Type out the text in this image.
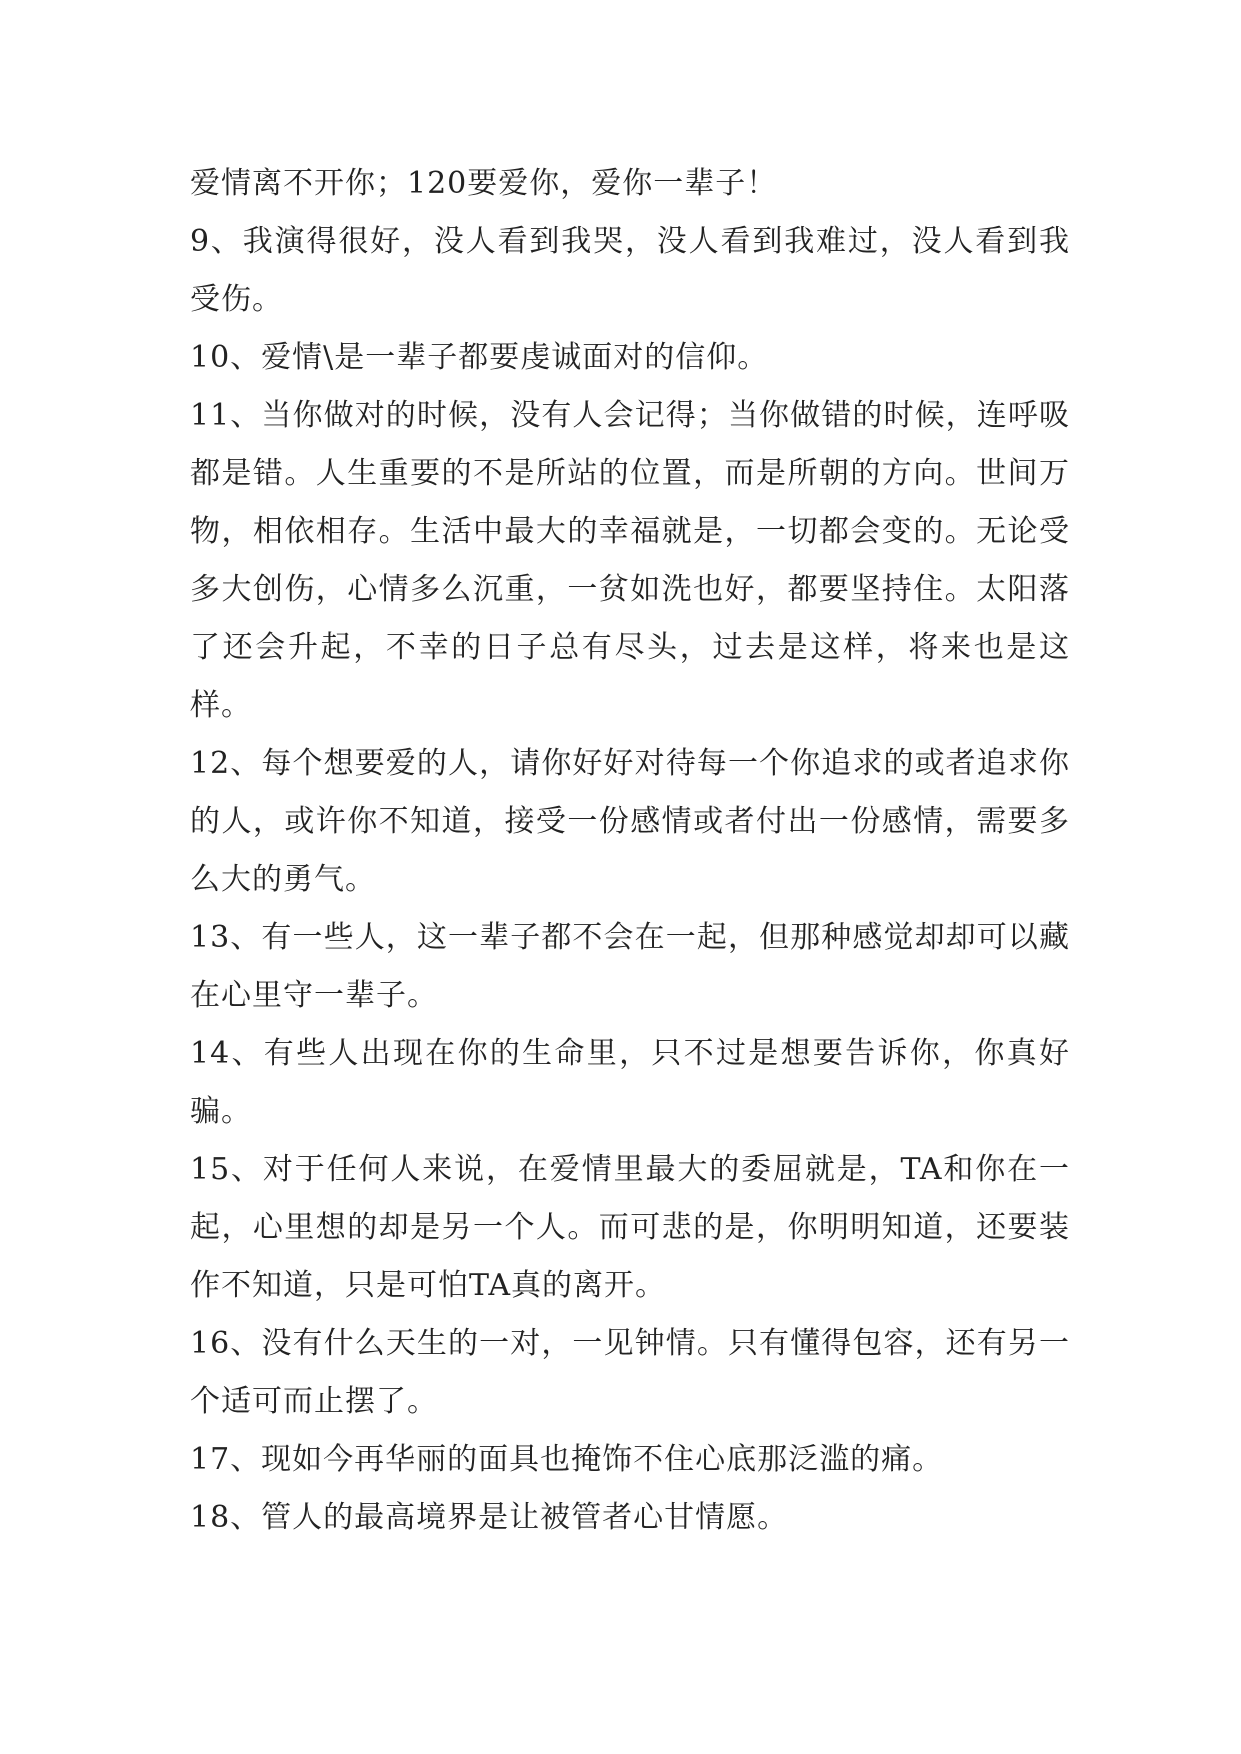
爱情离不开你；120要爱你，爱你一辈子！

9、我演得很好，没人看到我哭，没人看到我难过，没人看到我受伤。

10、爱情\是一辈子都要虔诚面对的信仰。

11、当你做对的时候，没有人会记得；当你做错的时候，连呼吸都是错。人生重要的不是所站的位置，而是所朝的方向。世间万物，相依相存。生活中最大的幸福就是，一切都会变的。无论受多大创伤，心情多么沉重，一贫如洗也好，都要坚持住。太阳落了还会升起，不幸的日子总有尽头，过去是这样，将来也是这样。

12、每个想要爱的人，请你好好对待每一个你追求的或者追求你的人，或许你不知道，接受一份感情或者付出一份感情，需要多么大的勇气。

13、有一些人，这一辈子都不会在一起，但那种感觉却却可以藏在心里守一辈子。

14、有些人出现在你的生命里，只不过是想要告诉你，你真好骗。

15、对于任何人来说，在爱情里最大的委屈就是，TA和你在一起，心里想的却是另一个人。而可悲的是，你明明知道，还要装作不知道，只是可怕TA真的离开。

16、没有什么天生的一对，一见钟情。只有懂得包容，还有另一个适可而止摆了。

17、现如今再华丽的面具也掩饰不住心底那泛滥的痛。

18、管人的最高境界是让被管者心甘情愿。
